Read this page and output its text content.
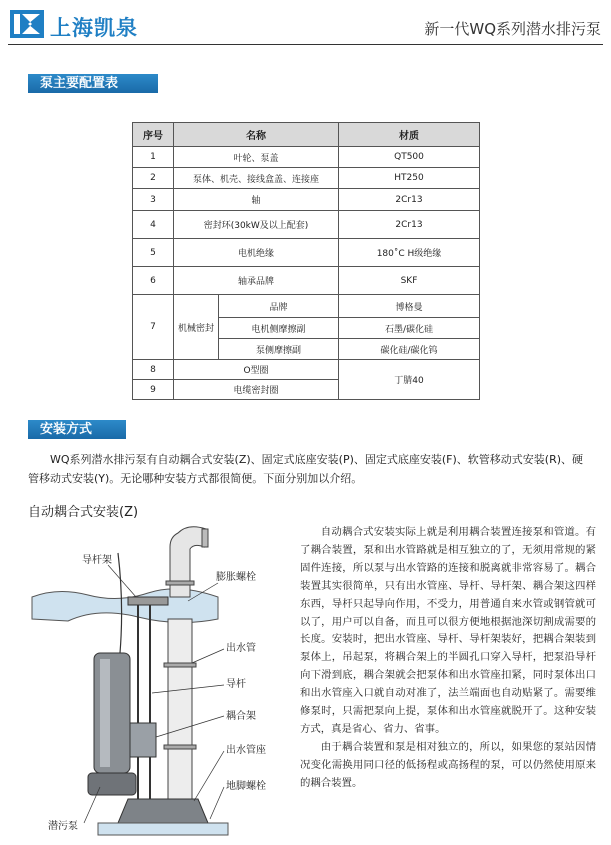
上海凯泉	新一代WQ系列潜水排污泵
泵主要配置表
序号	名称		材质
1	叶轮、泵盖		QT500
2	泵体、机壳、接线盒盖、连接座		HT250
3	轴		2Cr13
4	密封环(30kW及以上配套)		2Cr13
5	电机绝缘		180˚C H级绝缘
6	轴承品牌		SKF
7	机械密封	品牌	博格曼
		电机侧摩擦副	石墨/碳化硅
		泵侧摩擦副	碳化硅/碳化钨
8	O型圈		丁腈40
9	电缆密封圈		
安装方式
WQ系列潜水排污泵有自动耦合式安装(Z)、固定式底座安装(P)、固定式底座安装(F)、软管移动式安装(R)、硬管移动式安装(Y)。无论哪种安装方式都很简便。下面分别加以介绍。
自动耦合式安装(Z)
导杆架
膨胀螺栓
出水管
导杆
耦合架
出水管座
地脚螺栓
潜污泵

自动耦合式安装实际上就是利用耦合装置连接泵和管道。有了耦合装置，泵和出水管路就是相互独立的了，无须用常规的紧固件连接，所以泵与出水管路的连接和脱离就非常容易了。耦合装置其实很简单，只有出水管座、导杆、导杆架、耦合架这四样东西，导杆只起导向作用，不受力，用普通自来水管或钢管就可以了，用户可以自备，而且可以很方便地根据池深切割成需要的长度。安装时，把出水管座、导杆、导杆架装好，把耦合架装到泵体上，吊起泵，将耦合架上的半圆孔口穿入导杆，把泵沿导杆向下滑到底，耦合架就会把泵体和出水管座扣紧，同时泵体出口和出水管座入口就自动对准了，法兰端面也自动贴紧了。需要维修泵时，只需把泵向上提，泵体和出水管座就脱开了。这种安装方式，真是省心、省力、省事。

由于耦合装置和泵是相对独立的，所以，如果您的泵站因情况变化需换用同口径的低扬程或高扬程的泵，可以仍然使用原来的耦合装置。
